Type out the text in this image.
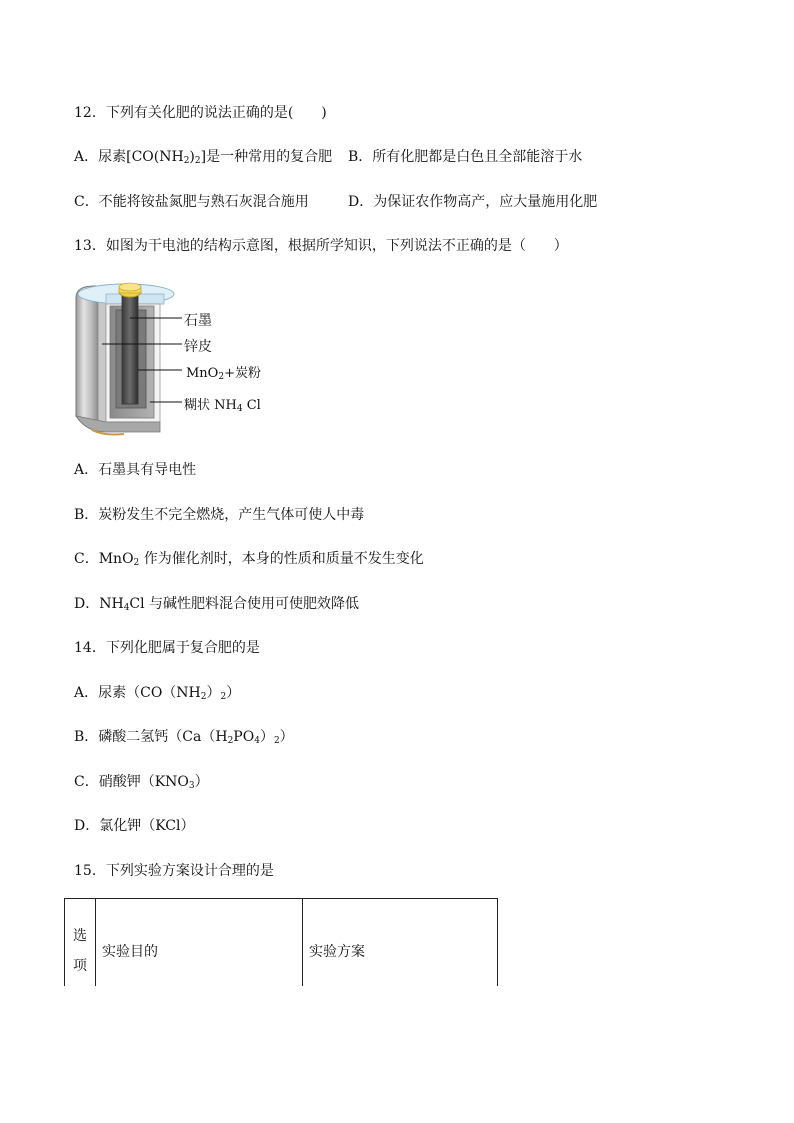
12．下列有关化肥的说法正确的是(　　)
A．尿素$[CO(NH_2)_2]$是一种常用的复合肥 B．所有化肥都是白色且全部能溶于水
C．不能将铵盐氮肥与熟石灰混合施用	D．为保证农作物高产，应大量施用化肥
13．如图为干电池的结构示意图，根据所学知识，下列说法不正确的是（　　）
石墨
锌皮
MnO$_2$+炭粉
糊状 $NH_4$ Cl
A．石墨具有导电性
B．炭粉发生不完全燃烧，产生气体可使人中毒
C．MnO$_2$ 作为催化剂时，本身的性质和质量不发生变化
D．$NH_4Cl$ 与碱性肥料混合使用可使肥效降低
14．下列化肥属于复合肥的是
A．尿素$(CO(NH_2)_2)$
B．磷酸二氢钙$(Ca(H_2PO_4)_2)$
C．硝酸钾$(KNO_3)$
D．氯化钾（KCl）
15．下列实验方案设计合理的是
选
项
	实验目的	实验方案
